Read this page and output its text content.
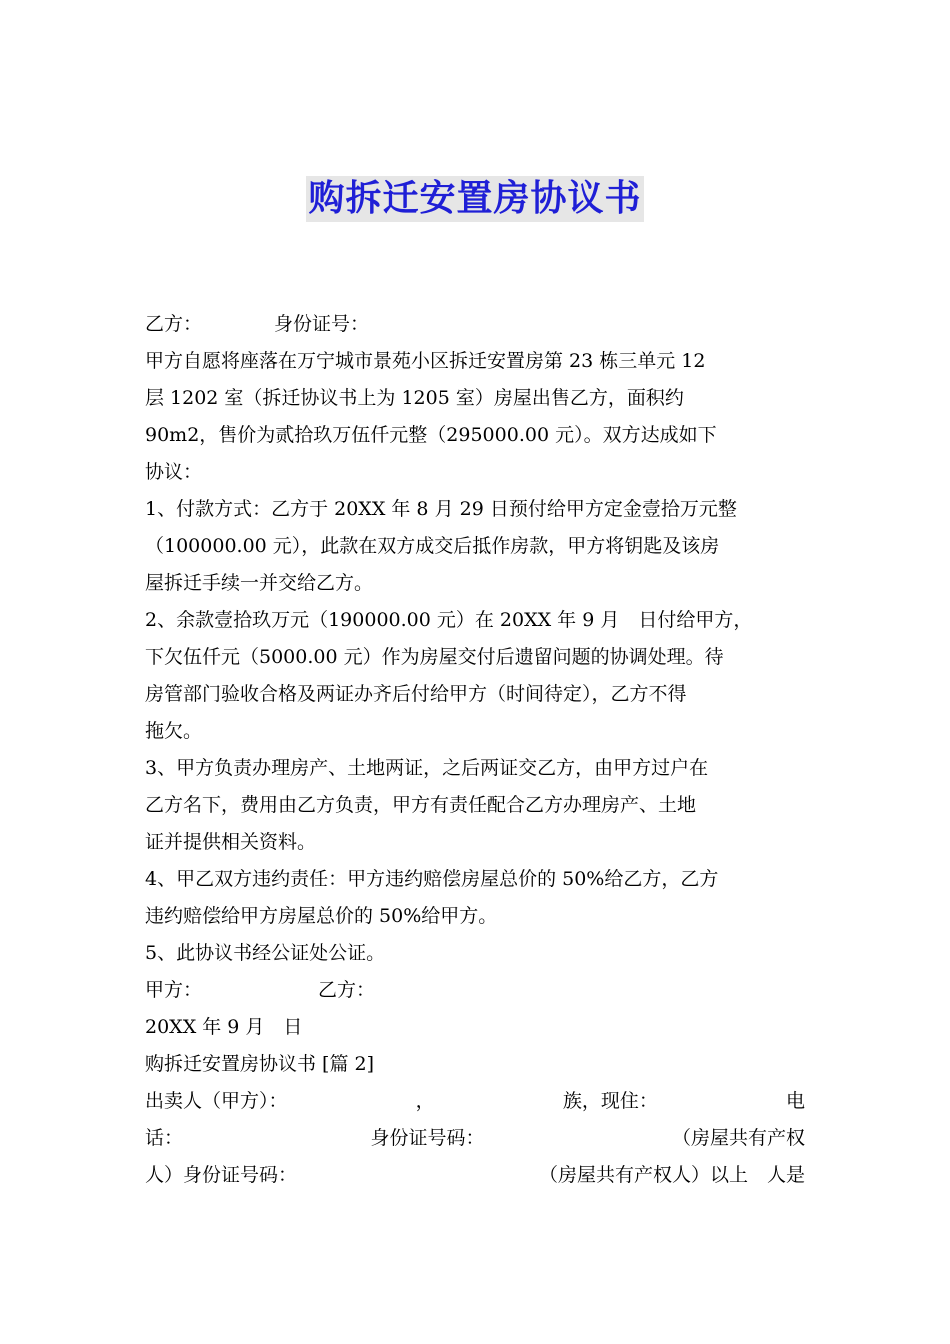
购拆迁安置房协议书
乙方：	身份证号：
甲方自愿将座落在万宁城市景苑小区拆迁安置房第 23 栋三单元 12
层 1202 室（拆迁协议书上为 1205 室）房屋出售乙方，面积约
90m2，售价为贰拾玖万伍仟元整（295000.00 元）。双方达成如下
协议：
1、付款方式：乙方于 20XX 年 8 月 29 日预付给甲方定金壹拾万元整
（100000.00 元），此款在双方成交后抵作房款，甲方将钥匙及该房
屋拆迁手续一并交给乙方。
2、余款壹拾玖万元（190000.00 元）在 20XX 年 9 月　日付给甲方，
下欠伍仟元（5000.00 元）作为房屋交付后遗留问题的协调处理。待
房管部门验收合格及两证办齐后付给甲方（时间待定），乙方不得
拖欠。
3、甲方负责办理房产、土地两证，之后两证交乙方，由甲方过户在
乙方名下，费用由乙方负责，甲方有责任配合乙方办理房产、土地
证并提供相关资料。
4、甲乙双方违约责任：甲方违约赔偿房屋总价的 50%给乙方，乙方
违约赔偿给甲方房屋总价的 50%给甲方。
5、此协议书经公证处公证。
甲方：	乙方：
20XX 年 9 月　日
购拆迁安置房协议书 [篇 2]
出卖人（甲方）：	，	族，现住：	电
话：	身份证号码：	（房屋共有产权
人）身份证号码：	（房屋共有产权人）以上　人是
